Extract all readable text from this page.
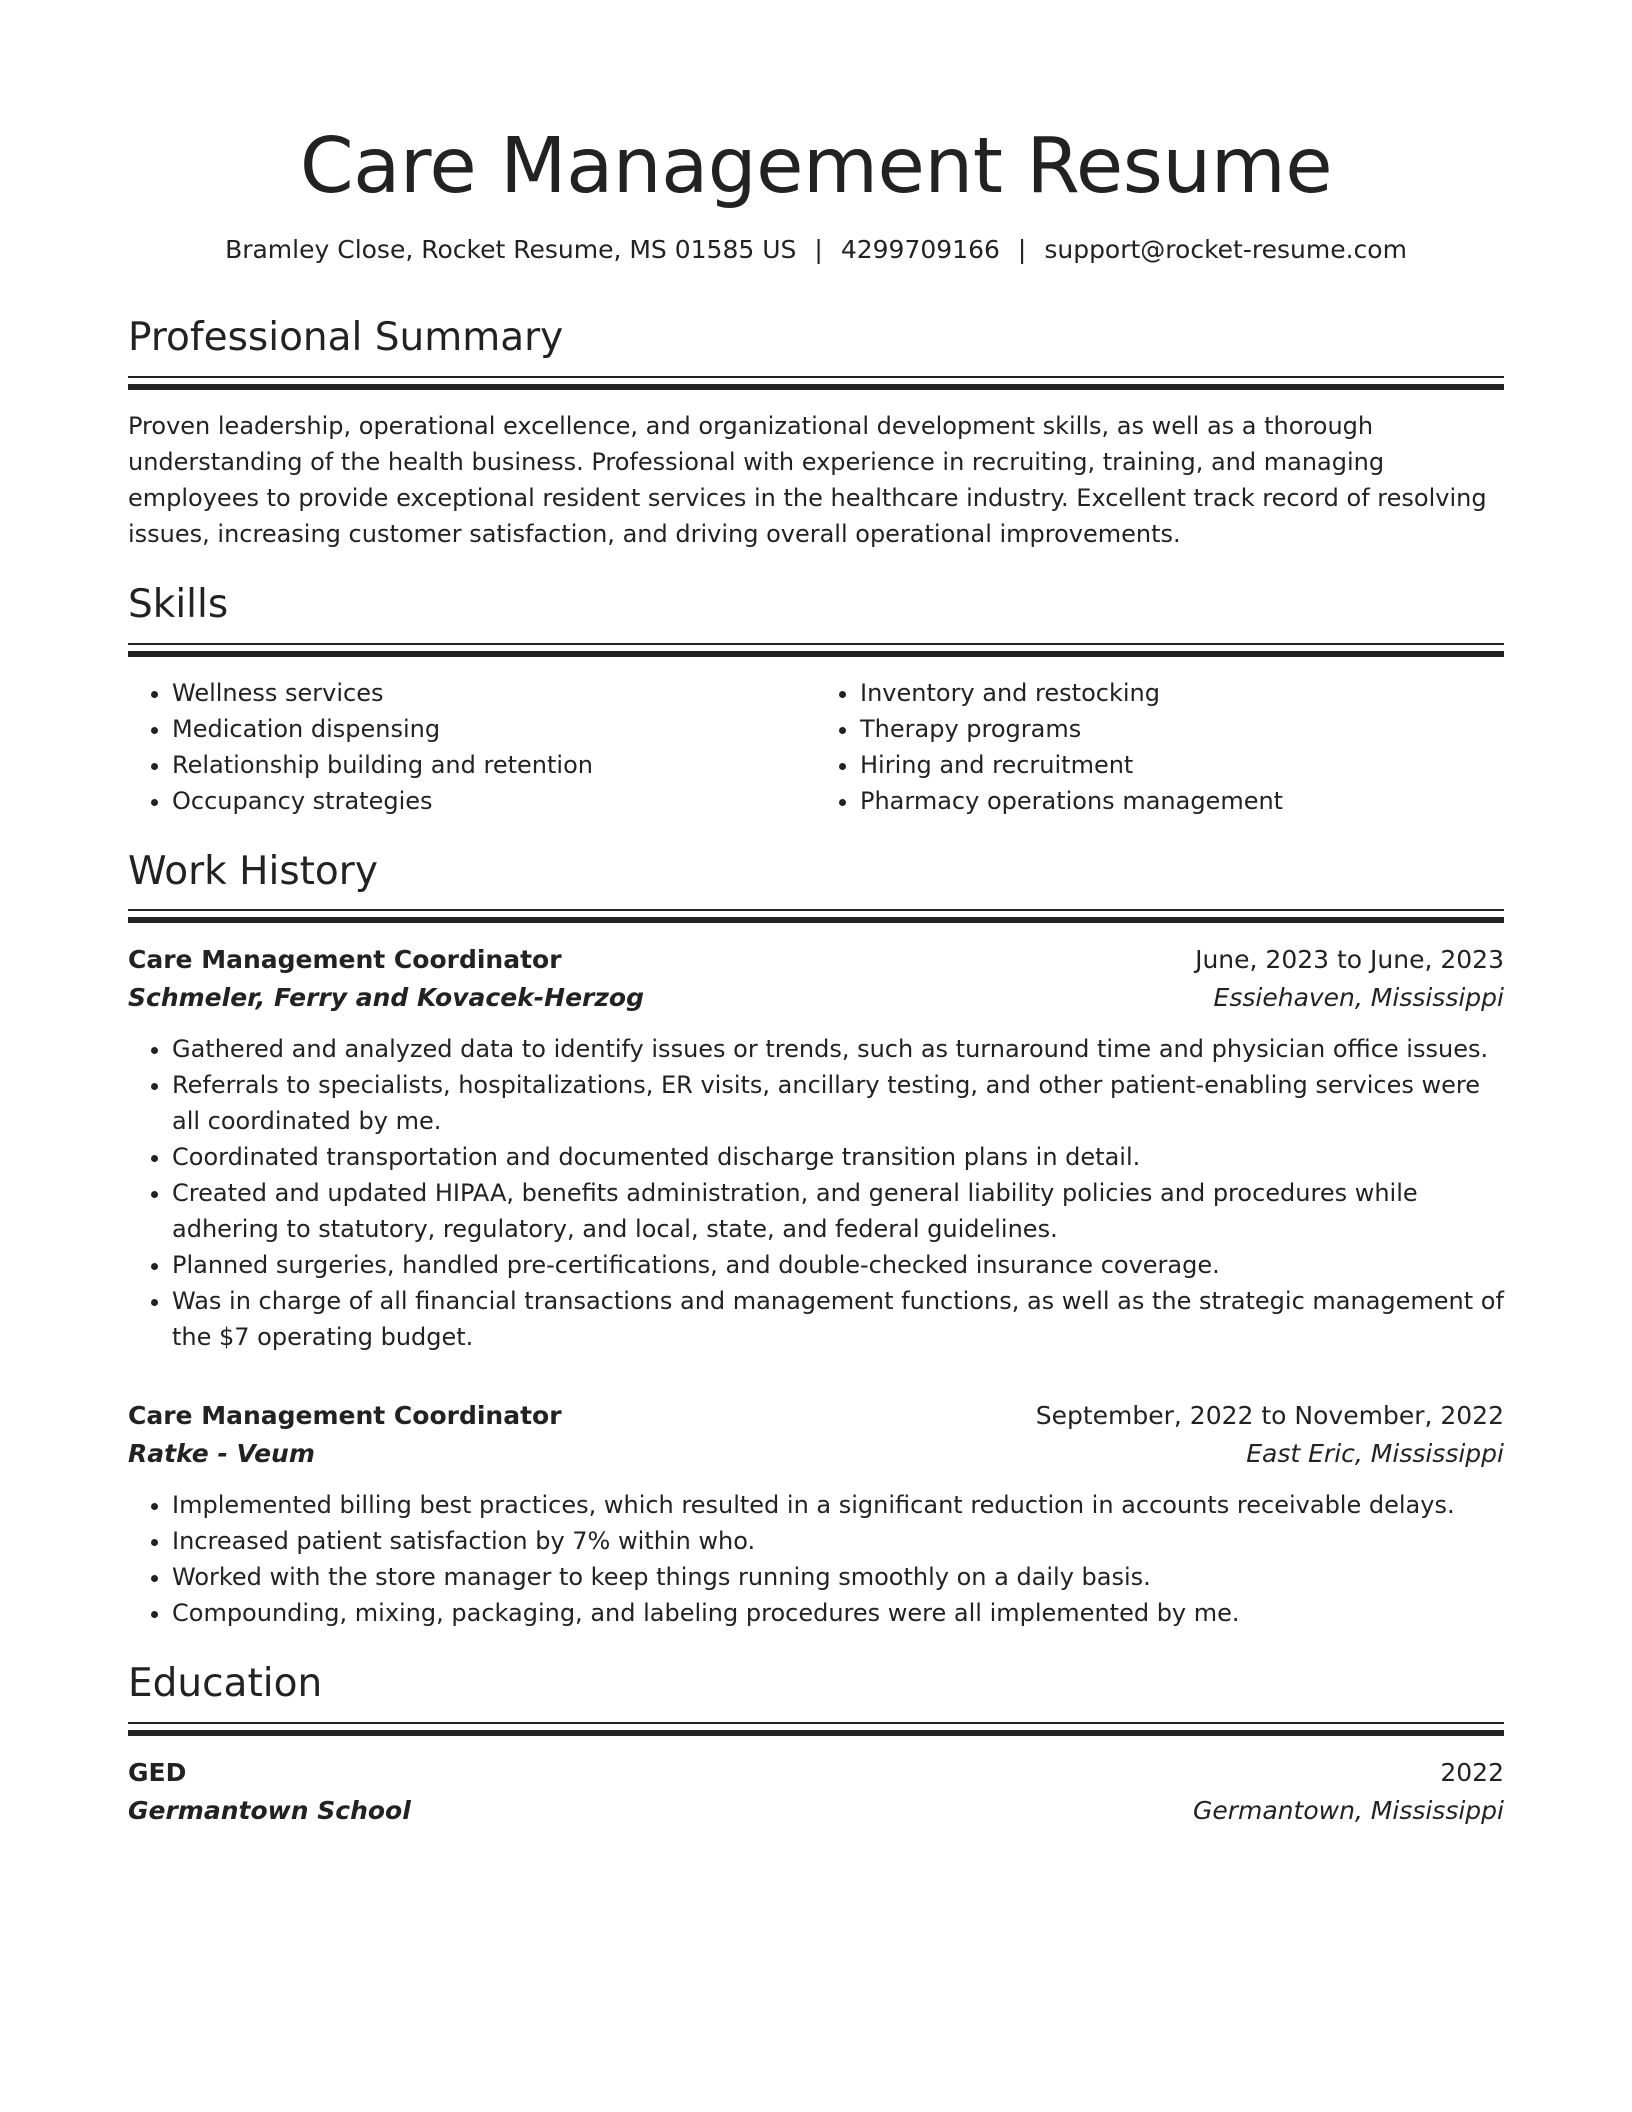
Care Management Resume
Bramley Close, Rocket Resume, MS 01585 US | 4299709166 | support@rocket-resume.com
Professional Summary

Proven leadership, operational excellence, and organizational development skills, as well as a thorough understanding of the health business. Professional with experience in recruiting, training, and managing employees to provide exceptional resident services in the healthcare industry. Excellent track record of resolving issues, increasing customer satisfaction, and driving overall operational improvements.

Skills
• Wellness services
• Medication dispensing
• Relationship building and retention
• Occupancy strategies
• Inventory and restocking
• Therapy programs
• Hiring and recruitment
• Pharmacy operations management
Work History
Care Management Coordinator	June, 2023 to June, 2023
Schmeler, Ferry and Kovacek-Herzog	Essiehaven, Mississippi
• Gathered and analyzed data to identify issues or trends, such as turnaround time and physician office issues.
• Referrals to specialists, hospitalizations, ER visits, ancillary testing, and other patient-enabling services were all coordinated by me.
• Coordinated transportation and documented discharge transition plans in detail.
• Created and updated HIPAA, benefits administration, and general liability policies and procedures while adhering to statutory, regulatory, and local, state, and federal guidelines.
• Planned surgeries, handled pre-certifications, and double-checked insurance coverage.
• Was in charge of all financial transactions and management functions, as well as the strategic management of the $7 operating budget.
Care Management Coordinator	September, 2022 to November, 2022
Ratke - Veum	East Eric, Mississippi
• Implemented billing best practices, which resulted in a significant reduction in accounts receivable delays.
• Increased patient satisfaction by 7% within who.
• Worked with the store manager to keep things running smoothly on a daily basis.
• Compounding, mixing, packaging, and labeling procedures were all implemented by me.
Education
GED	2022
Germantown School	Germantown, Mississippi
